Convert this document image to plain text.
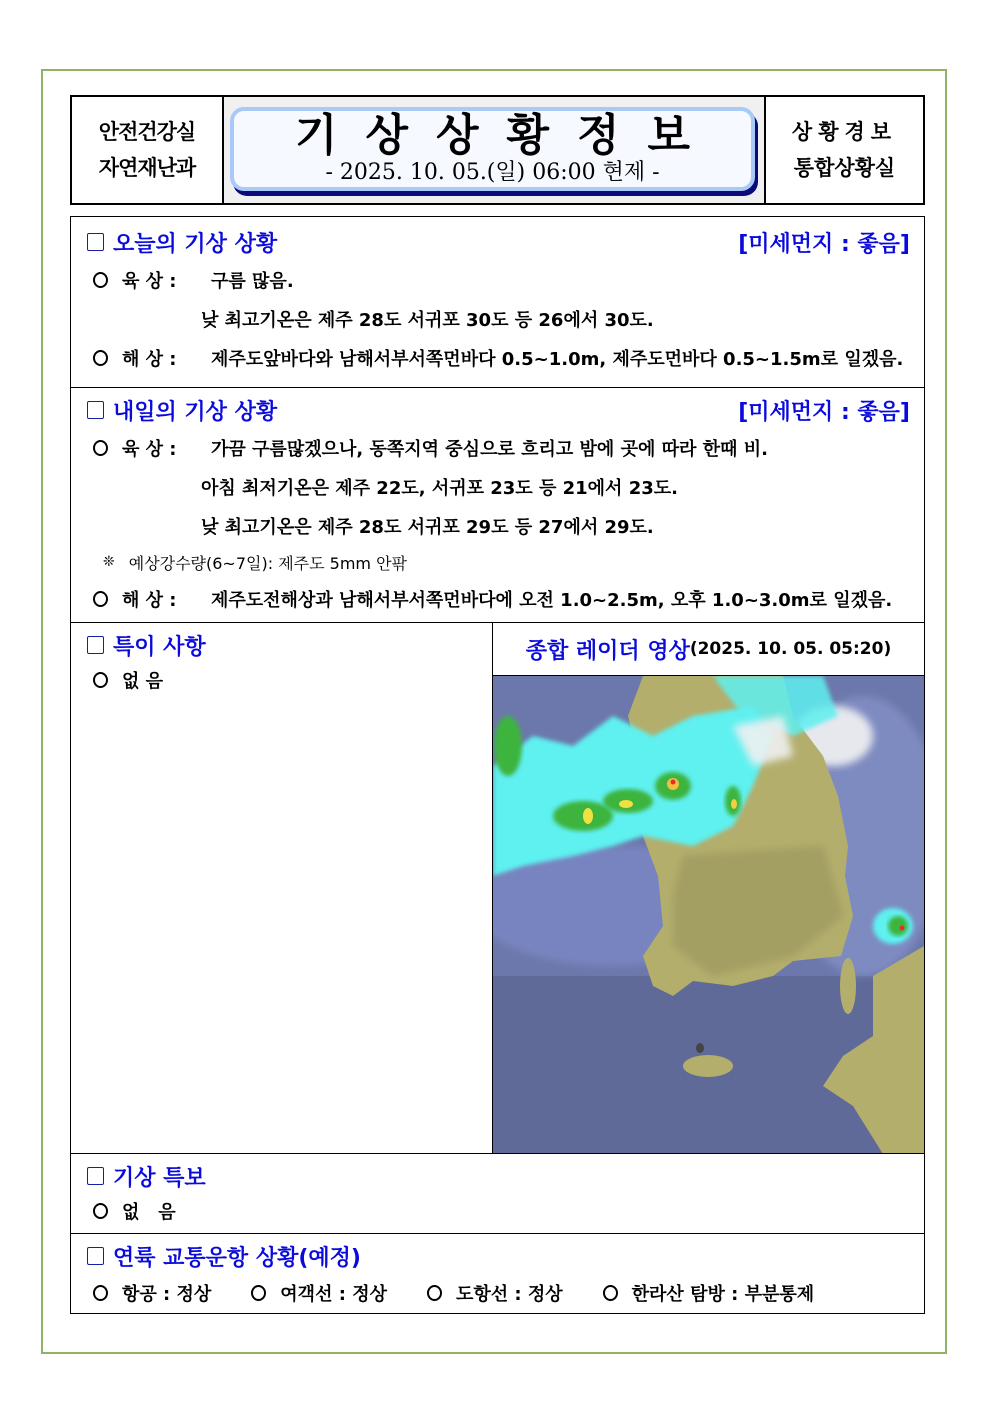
안전건강실
자연재난과
기상상황정보
- 2025. 10. 05.(일) 06:00 현제 -
상황경보
통합상황실
오늘의 기상 상황	[미세먼지 : 좋음]
육 상 :	구름 많음.
낮 최고기온은 제주 28도 서귀포 30도 등 26에서 30도.
해 상 :	제주도앞바다와 남해서부서쪽먼바다 0.5~1.0m, 제주도먼바다 0.5~1.5m로 일겠음.
내일의 기상 상황	[미세먼지 : 좋음]
육 상 :	가끔 구름많겠으나, 동쪽지역 중심으로 흐리고 밤에 곳에 따라 한때 비.
아침 최저기온은 제주 22도, 서귀포 23도 등 21에서 23도.
낮 최고기온은 제주 28도 서귀포 29도 등 27에서 29도.
❊ 예상강수량(6~7일): 제주도 5mm 안팎
해 상 :	제주도전해상과 남해서부서쪽먼바다에 오전 1.0~2.5m, 오후 1.0~3.0m로 일겠음.
특이 사항
없 음
종합 레이더 영상 (2025. 10. 05. 05:20)
기상 특보
없   음
연륙 교통운항 상황(예정)
항공 : 정상	여객선 : 정상	도항선 : 정상	한라산 탐방 : 부분통제
